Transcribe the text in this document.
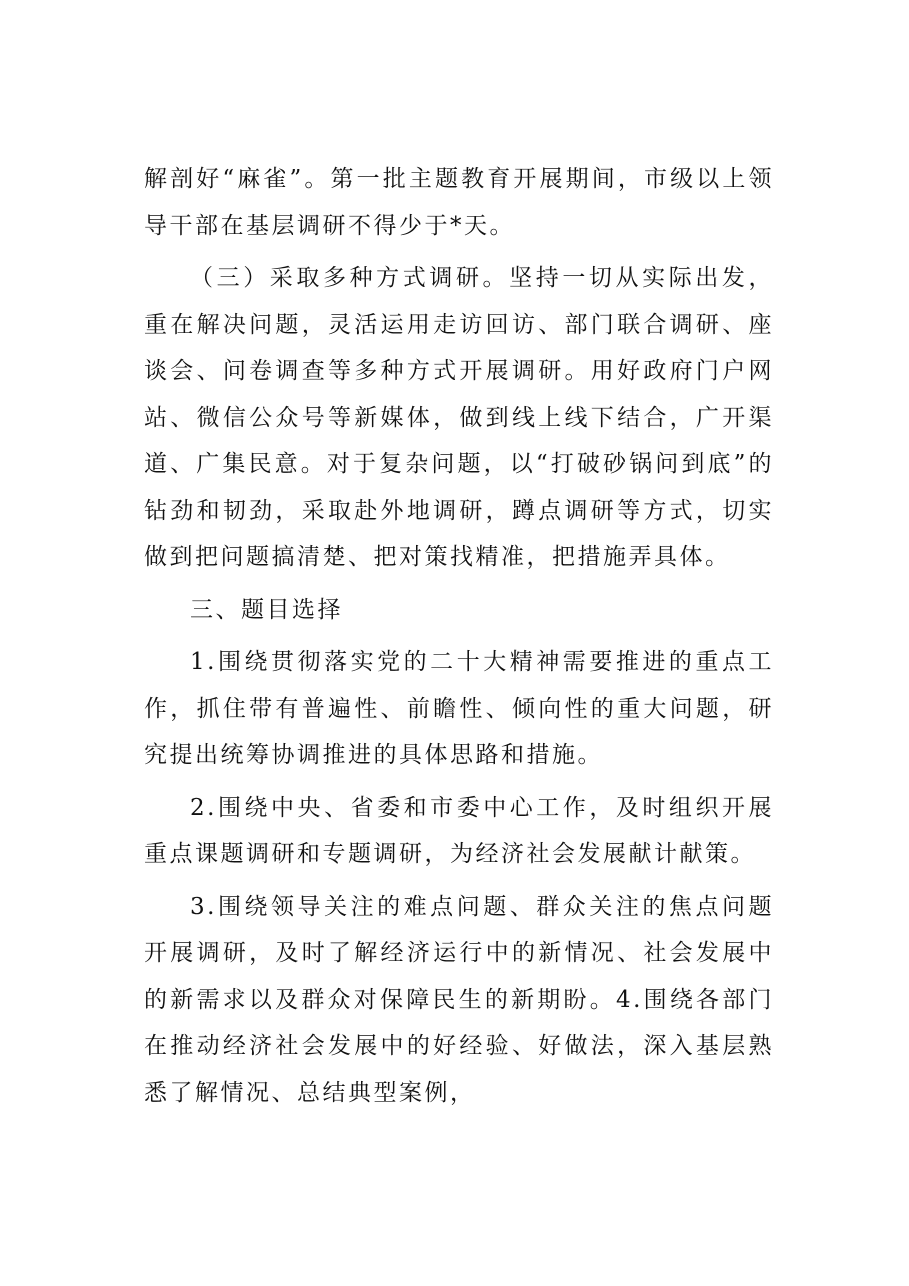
解剖好“麻雀”。第一批主题教育开展期间，市级以上领导干部在基层调研不得少于*天。

（三）采取多种方式调研。坚持一切从实际出发，重在解决问题，灵活运用走访回访、部门联合调研、座谈会、问卷调查等多种方式开展调研。用好政府门户网站、微信公众号等新媒体，做到线上线下结合，广开渠道、广集民意。对于复杂问题，以“打破砂锅问到底”的钻劲和韧劲，采取赴外地调研，蹲点调研等方式，切实做到把问题搞清楚、把对策找精准，把措施弄具体。

三、题目选择

1.围绕贯彻落实党的二十大精神需要推进的重点工作，抓住带有普遍性、前瞻性、倾向性的重大问题，研究提出统筹协调推进的具体思路和措施。

2.围绕中央、省委和市委中心工作，及时组织开展重点课题调研和专题调研，为经济社会发展献计献策。

3.围绕领导关注的难点问题、群众关注的焦点问题开展调研，及时了解经济运行中的新情况、社会发展中的新需求以及群众对保障民生的新期盼。4.围绕各部门在推动经济社会发展中的好经验、好做法，深入基层熟悉了解情况、总结典型案例，
